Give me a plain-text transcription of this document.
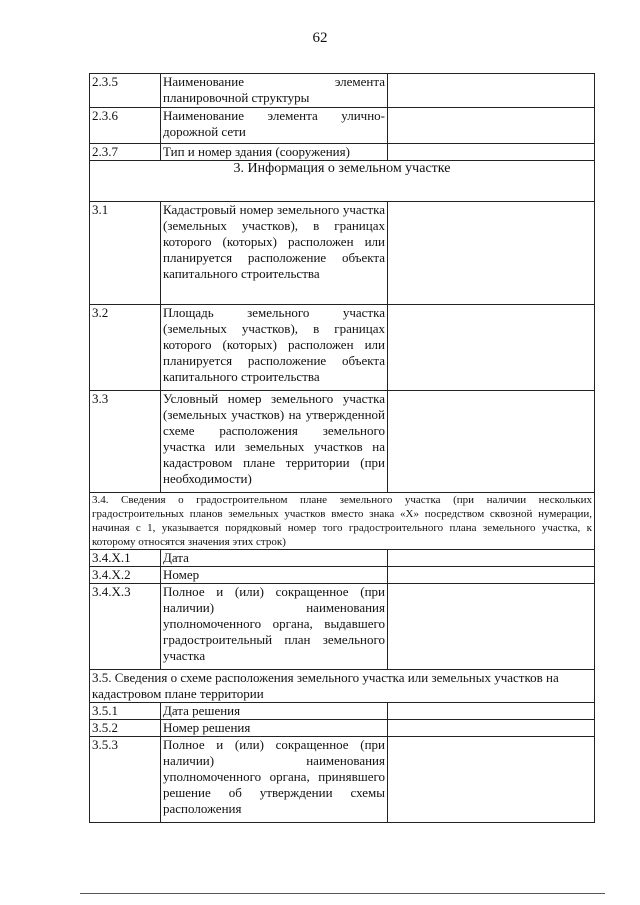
62
2.3.5	Наименование элемента планировочной структуры	
2.3.6	Наименование элемента улично-дорожной сети	
2.3.7	Тип и номер здания (сооружения)	
3. Информация о земельном участке		
3.1	Кадастровый номер земельного участка (земельных участков), в границах которого (которых) расположен или планируется расположение объекта капитального строительства	
3.2	Площадь земельного участка (земельных участков), в границах которого (которых) расположен или планируется расположение объекта капитального строительства	
3.3	Условный номер земельного участка (земельных участков) на утвержденной схеме расположения земельного участка или земельных участков на кадастровом плане территории (при необходимости)	
3.4. Сведения о градостроительном плане земельного участка (при наличии нескольких градостроительных планов земельных участков вместо знака «Х» посредством сквозной нумерации, начиная с 1, указывается порядковый номер того градостроительного плана земельного участка, к которому относятся значения этих строк)		
3.4.Х.1	Дата	
3.4.Х.2	Номер	
3.4.Х.3	Полное и (или) сокращенное (при наличии) наименования уполномоченного органа, выдавшего градостроительный план земельного участка	
3.5. Сведения о схеме расположения земельного участка или земельных участков на кадастровом плане территории		
3.5.1	Дата решения	
3.5.2	Номер решения	
3.5.3	Полное и (или) сокращенное (при наличии) наименования уполномоченного органа, принявшего решение об утверждении схемы расположения	
